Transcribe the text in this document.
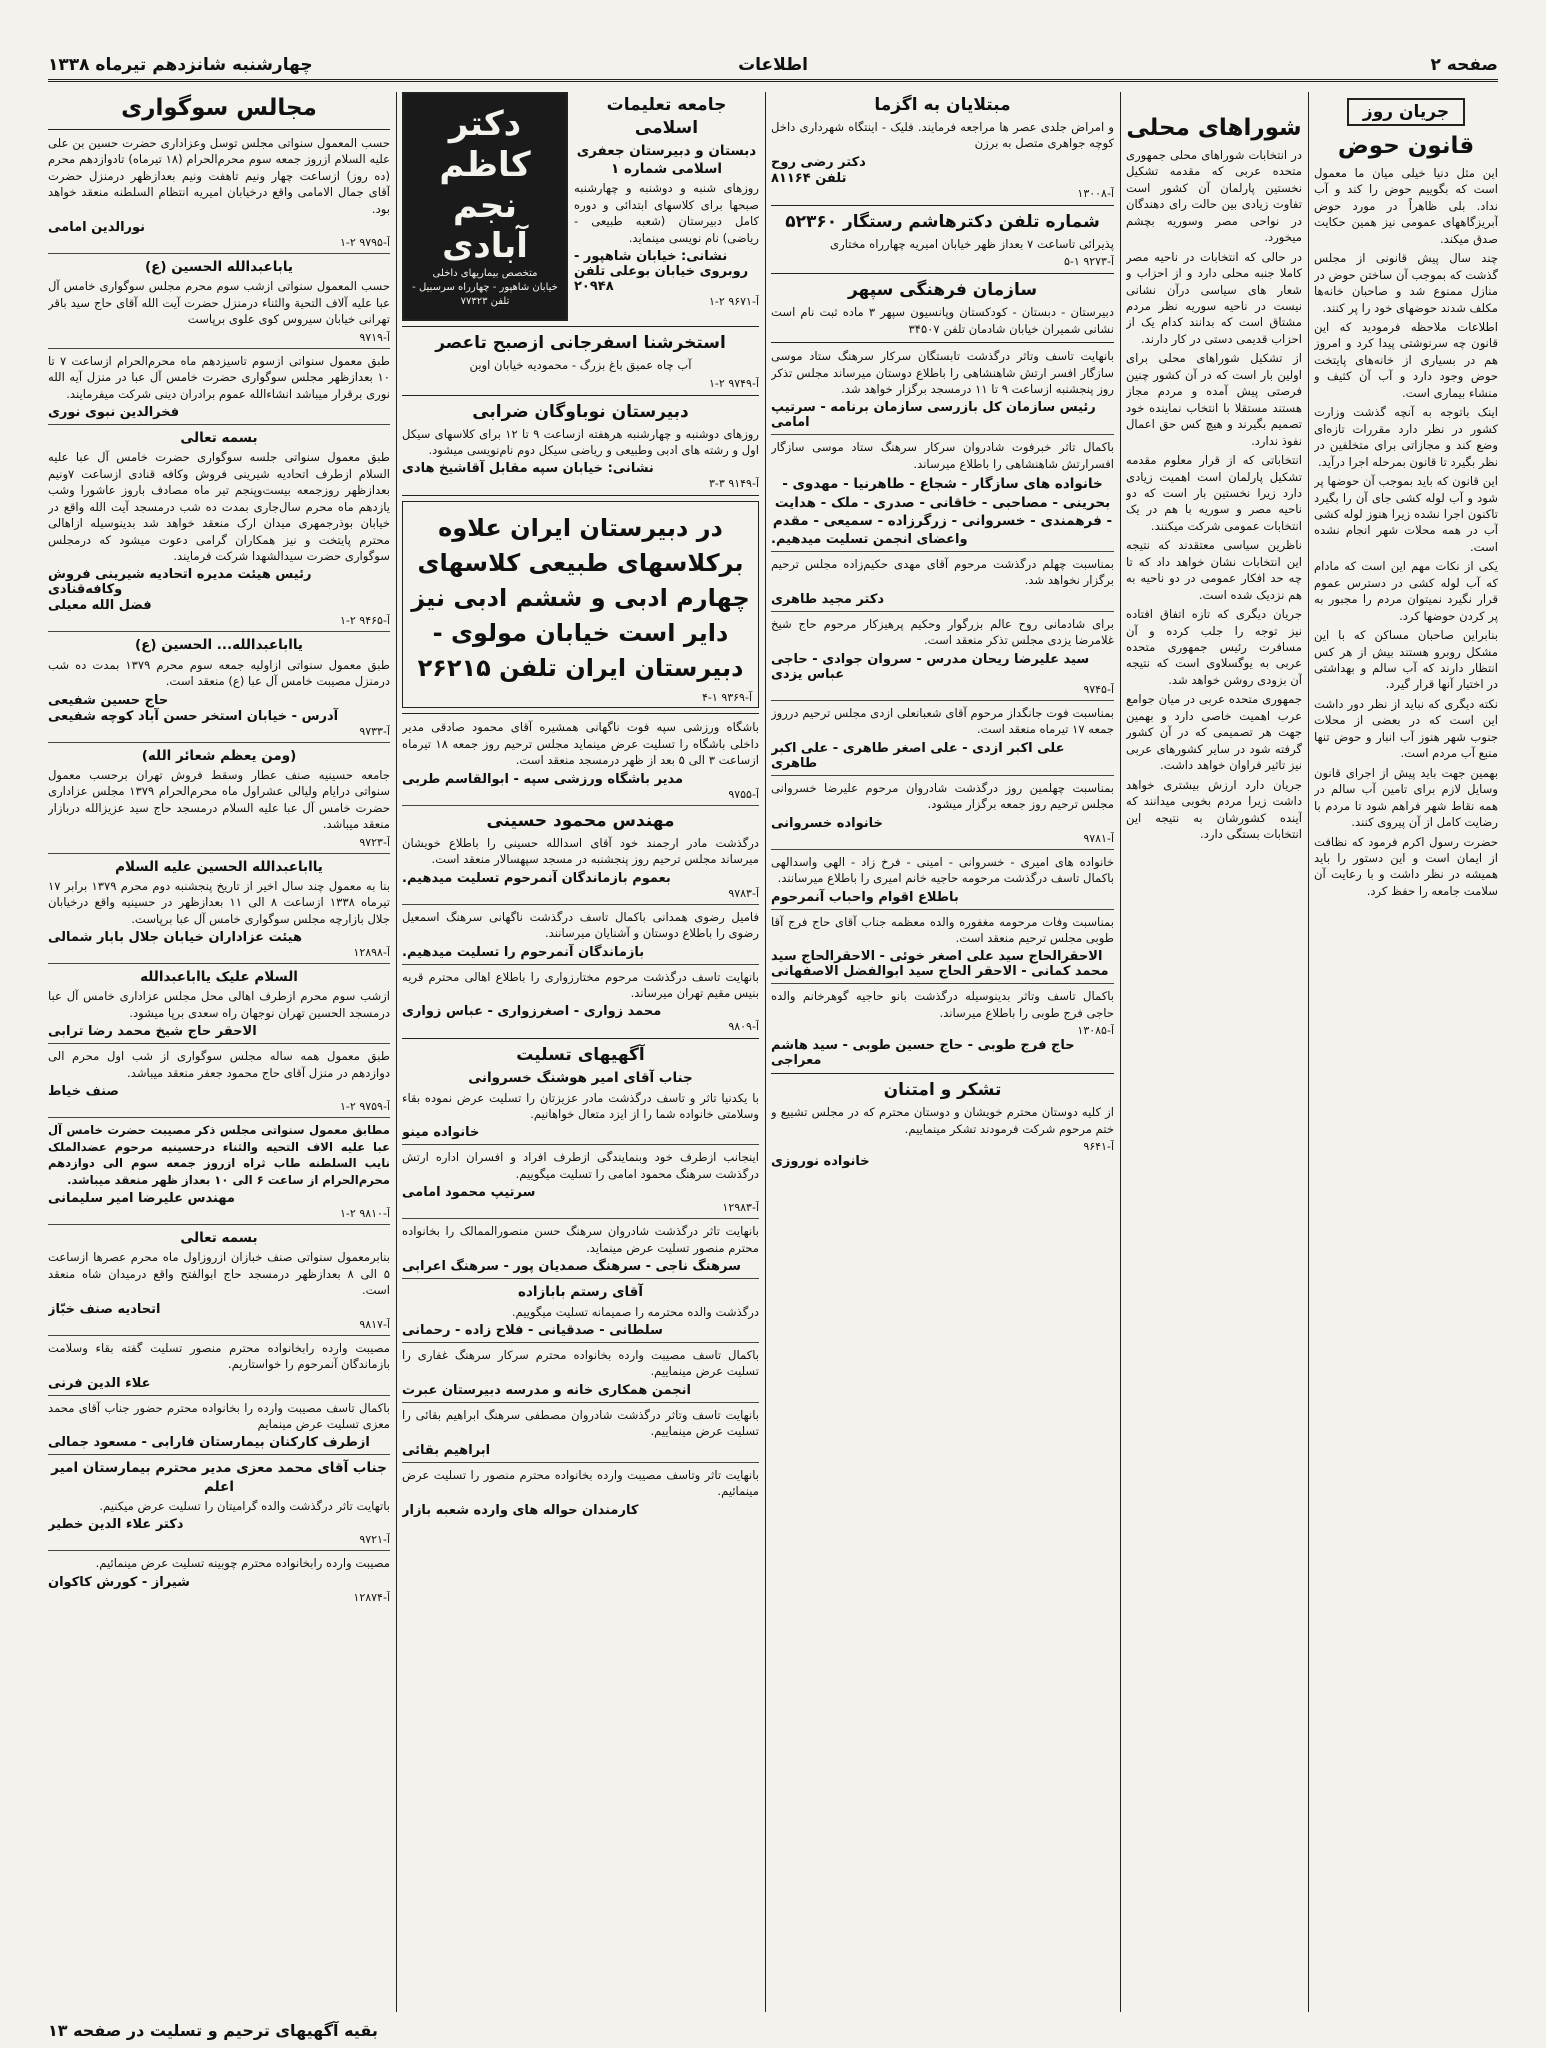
صفحه ۲
اطلاعات
چهارشنبه شانزدهم تیرماه ۱۳۳۸
جریان روز
قانون حوض

این مثل دنیا خیلی میان ما معمول است که بگوییم حوض را کند و آب نداد. بلی ظاهراً در مورد حوض آبریزگاههای عمومی نیز همین حکایت صدق میکند.

چند سال پیش قانونی از مجلس گذشت که بموجب آن ساختن حوض در منازل ممنوع شد و صاحبان خانه‌ها مکلف شدند حوضهای خود را پر کنند.

اطلاعات ملاحظه فرمودید که این قانون چه سرنوشتی پیدا کرد و امروز هم در بسیاری از خانه‌های پایتخت حوض وجود دارد و آب آن کثیف و منشاء بیماری است.

اینک باتوجه به آنچه گذشت وزارت کشور در نظر دارد مقررات تازه‌ای وضع کند و مجازاتی برای متخلفین در نظر بگیرد تا قانون بمرحله اجرا درآید.

این قانون که باید بموجب آن حوضها پر شود و آب لوله کشی جای آن را بگیرد تاکنون اجرا نشده زیرا هنوز لوله کشی آب در همه محلات شهر انجام نشده است.

یکی از نکات مهم این است که مادام که آب لوله کشی در دسترس عموم قرار نگیرد نمیتوان مردم را مجبور به پر کردن حوضها کرد.

بنابراین صاحبان مساکن که با این مشکل روبرو هستند بیش از هر کس انتظار دارند که آب سالم و بهداشتی در اختیار آنها قرار گیرد.

نکته دیگری که نباید از نظر دور داشت این است که در بعضی از محلات جنوب شهر هنوز آب انبار و حوض تنها منبع آب مردم است.

بهمین جهت باید پیش از اجرای قانون وسایل لازم برای تامین آب سالم در همه نقاط شهر فراهم شود تا مردم با رضایت کامل از آن پیروی کنند.

حضرت رسول اکرم فرمود که نظافت از ایمان است و این دستور را باید همیشه در نظر داشت و با رعایت آن سلامت جامعه را حفظ کرد.

شوراهای محلی

در انتخابات شوراهای محلی جمهوری متحده عربی که مقدمه تشکیل نخستین پارلمان آن کشور است تفاوت زیادی بین حالت رای دهندگان در نواحی مصر وسوریه بچشم میخورد.

در حالی که انتخابات در ناحیه مصر کاملا جنبه محلی دارد و از احزاب و شعار های سیاسی درآن نشانی نیست در ناحیه سوریه نظر مردم مشتاق است که بدانند کدام یک از احزاب قدیمی دستی در کار دارند.

از تشکیل شوراهای محلی برای اولین بار است که در آن کشور چنین فرصتی پیش آمده و مردم مجاز هستند مستقلا با انتخاب نماینده خود تصمیم بگیرند و هیچ کس حق اعمال نفوذ ندارد.

انتخاباتی که از قرار معلوم مقدمه تشکیل پارلمان است اهمیت زیادی دارد زیرا نخستین بار است که دو ناحیه مصر و سوریه با هم در یک انتخابات عمومی شرکت میکنند.

ناظرین سیاسی معتقدند که نتیجه این انتخابات نشان خواهد داد که تا چه حد افکار عمومی در دو ناحیه به هم نزدیک شده است.

جریان دیگری که تازه اتفاق افتاده نیز توجه را جلب کرده و آن مسافرت رئیس جمهوری متحده عربی به یوگسلاوی است که نتیجه آن بزودی روشن خواهد شد.

جمهوری متحده عربی در میان جوامع عرب اهمیت خاصی دارد و بهمین جهت هر تصمیمی که در آن کشور گرفته شود در سایر کشورهای عربی نیز تاثیر فراوان خواهد داشت.

جریان دارد ارزش بیشتری خواهد داشت زیرا مردم بخوبی میدانند که آینده کشورشان به نتیجه این انتخابات بستگی دارد.

مبتلایان به اگزما

و امراض جلدی عصر ها مراجعه فرمایند. فلیک - اینتگاه شهرداری داخل کوچه جواهری متصل به برزن

دکتر رضی روح
تلفن ۸۱۱۶۴
آ-۱۳۰۰۸
شماره تلفن دکترهاشم رستگار ۵۲۳۶۰

پذیرائی تاساعت ۷ بعداز ظهر خیابان امیریه چهارراه مختاری

آ-۹۲۷۳ ۱-۵
سازمان فرهنگی سپهر

دبیرستان - دبستان - کودکستان وپانسیون سپهر ۳ ماده ثبت نام است نشانی شمیران خیابان شادمان تلفن ۳۴۵۰۷

بانهایت تاسف وتاثر درگذشت تابستگان سرکار سرهنگ ستاد موسی سازگار افسر ارتش شاهنشاهی را باطلاع دوستان میرساند مجلس تذکر روز پنجشنبه ازساعت ۹ تا ۱۱ درمسجد برگزار خواهد شد.

رئیس سازمان کل بازرسی سازمان برنامه - سرتیپ امامی

باکمال تاثر خبرفوت شادروان سرکار سرهنگ ستاد موسی سازگار افسرارتش شاهنشاهی را باطلاع میرساند.

خانواده های سازگار - شجاع - طاهرنیا - مهدوی - بحرینی - مصاحبی - خاقانی - صدری - ملک - هدایت - فرهمندی - خسروانی - زرگرزاده - سمیعی - مقدم
واعضای انجمن تسلیت میدهیم.

بمناسبت چهلم درگذشت مرحوم آقای مهدی حکیم‌زاده مجلس ترحیم برگزار نخواهد شد.

دکتر مجید طاهری

برای شادمانی روح عالم بزرگوار وحکیم پرهیزکار مرحوم حاج شیخ غلامرضا یزدی مجلس تذکر منعقد است.

سید علیرضا ریحان مدرس - سروان جوادی - حاجی عباس یزدی
آ-۹۷۴۵

بمناسبت فوت جانگداز مرحوم آقای شعبانعلی ازدی مجلس ترحیم درروز جمعه ۱۷ تیرماه منعقد است.

علی اکبر ازدی - علی اصغر طاهری - علی اکبر طاهری

بمناسبت چهلمین روز درگذشت شادروان مرحوم علیرضا خسروانی مجلس ترحیم روز جمعه برگزار میشود.

خانواده خسروانی
آ-۹۷۸۱

خانواده های امیری - خسروانی - امینی - فرخ زاد - الهی واسدالهی باکمال تاسف درگذشت مرحومه حاجیه خانم امیری را باطلاع میرسانند.

باطلاع اقوام واحباب آنمرحوم

بمناسبت وفات مرحومه مغفوره والده معظمه جناب آقای حاج فرج آقا طوبی مجلس ترحیم منعقد است.

الاحقرالحاج سید علی اصغر خوئی - الاحقرالحاج سید محمد کمانی - الاحقر الحاج سید ابوالفضل الاصفهانی

باکمال تاسف وتاثر بدینوسیله درگذشت بانو حاجیه گوهرخانم والده حاجی فرج طوبی را باطلاع میرساند.

آ-۱۳۰۸۵
حاج فرج طوبی - حاج حسین طوبی - سید هاشم معراجی
تشکر و امتنان

از کلیه دوستان محترم خویشان و دوستان محترم که در مجلس تشییع و ختم مرحوم شرکت فرمودند تشکر مینماییم.

آ-۹۶۴۱
خانواده نوروزی
جامعه تعلیمات اسلامی
دبستان و دبیرستان جعفری اسلامی شماره ۱

روزهای شنبه و دوشنبه و چهارشنبه صبحها برای کلاسهای ابتدائی و دوره کامل دبیرستان (شعبه طبیعی - ریاضی) نام نویسی مینماید.

نشانی: خیابان شاهپور - روبروی خیابان بوعلی تلفن ۲۰۹۴۸
آ-۹۶۷۱ ۲-۱
دکتر کاظم نجم آبادی
متخصص بیماریهای داخلی
خیابان شاهپور - چهارراه سرسبیل - تلفن ۷۷۳۲۳
استخرشنا اسفرجانی ازصبح تاعصر

آب چاه عمیق باغ بزرگ - محمودیه خیابان اوین

آ-۹۷۴۹ ۲-۱
دبیرستان نوباوگان ضرابی

روزهای دوشنبه و چهارشنبه هرهفته ازساعت ۹ تا ۱۲ برای کلاسهای سیکل اول و رشته های ادبی وطبیعی و ریاضی سیکل دوم نام‌نویسی میشود.

نشانی: خیابان سپه مقابل آقاشیخ هادی
آ-۹۱۴۹ ۳-۳
در دبیرستان ایران علاوه برکلاسهای طبیعی کلاسهای چهارم ادبی و ششم ادبی نیز دایر است خیابان مولوی - دبیرستان ایران تلفن ۲۶۲۱۵
آ-۹۳۶۹ ۱-۴

باشگاه ورزشی سپه فوت ناگهانی همشیره آقای محمود صادقی مدیر داخلی باشگاه را تسلیت عرض مینماید مجلس ترحیم روز جمعه ۱۸ تیرماه ازساعت ۳ الی ۵ بعد از ظهر درمسجد منعقد است.

مدیر باشگاه ورزشی سپه - ابوالقاسم طربی
آ-۹۷۵۵
مهندس محمود حسینی

درگذشت مادر ارجمند خود آقای اسدالله حسینی را باطلاع خویشان میرساند مجلس ترحیم روز پنجشنبه در مسجد سپهسالار منعقد است.

بعموم بازماندگان آنمرحوم تسلیت میدهیم.
آ-۹۷۸۳

فامیل رضوی همدانی باکمال تاسف درگذشت ناگهانی سرهنگ اسمعیل رضوی را باطلاع دوستان و آشنایان میرسانند.

بازماندگان آنمرحوم را تسلیت میدهیم.

بانهایت تاسف درگذشت مرحوم مختارزواری را باطلاع اهالی محترم قریه بنیس مقیم تهران میرساند.

محمد زواری - اصغرزواری - عباس زواری
آ-۹۸۰۹
آگهیهای تسلیت
جناب آقای امیر هوشنگ خسروانی

با یکدنیا تاثر و تاسف درگذشت مادر عزیزتان را تسلیت عرض نموده بقاء وسلامتی خانواده شما را از ایزد متعال خواهانیم.

خانواده مینو

اینجانب ازطرف خود وبنمایندگی ازطرف افراد و افسران اداره ارتش درگذشت سرهنگ محمود امامی را تسلیت میگوییم.

سرتیپ محمود امامی
آ-۱۲۹۸۳

بانهایت تاثر درگذشت شادروان سرهنگ حسن منصورالممالک را بخانواده محترم منصور تسلیت عرض مینماید.

سرهنگ ناجی - سرهنگ صمدیان پور - سرهنگ اعرابی
آقای رستم بابازاده

درگذشت والده محترمه را صمیمانه تسلیت میگوییم.

سلطانی - صدقیانی - فلاح زاده - رحمانی

باکمال تاسف مصیبت وارده بخانواده محترم سرکار سرهنگ غفاری را تسلیت عرض مینماییم.

انجمن همکاری خانه و مدرسه دبیرستان عبرت

بانهایت تاسف وتاثر درگذشت شادروان مصطفی سرهنگ ابراهیم بقائی را تسلیت عرض مینماییم.

ابراهیم بقائی

بانهایت تاثر وتاسف مصیبت وارده بخانواده محترم منصور را تسلیت عرض مینمائیم.

کارمندان حواله های وارده شعبه بازار
مجالس سوگواری

حسب المعمول سنواتی مجلس توسل وعزاداری حضرت حسین بن علی علیه السلام ازروز جمعه سوم محرم‌الحرام (۱۸ تیرماه) تادوازدهم محرم (ده روز) ازساعت چهار ونیم تاهفت ونیم بعدازظهر درمنزل حضرت آقای جمال الامامی واقع درخیابان امیریه انتظام السلطنه منعقد خواهد بود.

نورالدین امامی
آ-۹۷۹۵ ۲-۱
یاباعبدالله الحسین (ع)

حسب المعمول سنواتی ازشب سوم محرم مجلس سوگواری خامس آل عبا علیه آلاف التحیة والثناء درمنزل حضرت آیت الله آقای حاج سید باقر تهرانی خیابان سیروس کوی علوی برپاست

آ-۹۷۱۹

طبق معمول سنواتی ازسوم تاسیزدهم ماه محرم‌الحرام ازساعت ۷ تا ۱۰ بعدازظهر مجلس سوگواری حضرت خامس آل عبا در منزل آیه الله نوری برقرار میباشد انشاءالله عموم برادران دینی شرکت میفرمایند.

فخرالدین نبوی نوری
بسمه تعالی

طبق معمول سنواتی جلسه سوگواری حضرت خامس آل عبا علیه السلام ازطرف اتحادیه شیرینی فروش وکافه قنادی ازساعت ۷ونیم بعدازظهر روزجمعه بیست‌وپنجم تیر ماه مصادف باروز عاشورا وشب یازدهم ماه محرم سال‌جاری بمدت ده شب درمسجد آیت الله واقع در خیابان بوذرجمهری میدان ارک منعقد خواهد شد بدینوسیله ازاهالی محترم پایتخت و نیز همکاران گرامی دعوت میشود که درمجلس سوگواری حضرت سیدالشهدا شرکت فرمایند.

رئیس هیئت مدیره اتحادیه شیرینی فروش وکافه‌قنادی
فضل الله معیلی
آ-۹۴۶۵ ۲-۱
یاابا‌عبدالله... الحسین (ع)

طبق معمول سنواتی ازاولیه جمعه سوم محرم ۱۳۷۹ بمدت ده شب درمنزل مصیبت خامس آل عبا (ع) منعقد است.

حاج حسین شفیعی
آدرس - خیابان استخر حسن آباد کوچه شفیعی
آ-۹۷۳۳
(ومن یعظم شعائر الله)

جامعه حسینیه صنف عطار وسقط فروش تهران برحسب معمول سنواتی درایام ولیالی عشراول ماه محرم‌الحرام ۱۳۷۹ مجلس عزاداری حضرت خامس آل عبا علیه السلام درمسجد حاج سید عزیزالله دربازار منعقد میباشد.

آ-۹۷۲۳
یاابا‌عبدالله الحسین علیه السلام

بنا به معمول چند سال اخیر از تاریخ پنجشنبه دوم محرم ۱۳۷۹ برابر ۱۷ تیرماه ۱۳۳۸ ازساعت ۸ الی ۱۱ بعدازظهر در حسینیه واقع درخیابان جلال بازارچه مجلس سوگواری خامس آل عبا برپاست.

هیئت عزاداران خیابان جلال بابار شمالی
آ-۱۲۸۹۸
السلام علیک یااباعبدالله

ازشب سوم محرم ازطرف اهالی محل مجلس عزاداری خامس آل عبا درمسجد الحسین تهران نوجهان راه سعدی برپا میشود.

الاحقر حاج شیخ محمد رضا ترابی

طبق معمول همه ساله مجلس سوگواری از شب اول محرم الی دوازدهم در منزل آقای حاج محمود جعفر منعقد میباشد.

صنف خیاط
آ-۹۷۵۹ ۲-۱

مطابق معمول سنواتی مجلس ذکر مصیبت حضرت خامس آل عبا علیه الاف التحیه والثناء درحسینیه مرحوم عضدالملک نایب السلطنه طاب ثراه ازروز جمعه سوم الی دوازدهم محرم‌الحرام از ساعت ۶ الی ۱۰ بعداز ظهر منعقد میباشد.

مهندس علیرضا امیر سلیمانی
آ-۹۸۱۰ ۲-۱
بسمه تعالی

بنابرمعمول سنواتی صنف خبازان ازروزاول ماه محرم عصرها ازساعت ۵ الی ۸ بعدازظهر درمسجد حاج ابوالفتح واقع درمیدان شاه منعقد است.

اتحادیه صنف خبّاز
آ-۹۸۱۷

مصیبت وارده رابخانواده محترم منصور تسلیت گفته بقاء وسلامت بازماندگان آنمرحوم را خواستاریم.

علاء الدین فرنی

باکمال تاسف مصیبت وارده را بخانواده محترم حضور جناب آقای محمد معزی تسلیت عرض مینمایم

ازطرف کارکنان بیمارستان فارابی - مسعود جمالی
جناب آقای محمد معزی مدیر محترم بیمارستان امیر اعلم

باتهایت تاثر درگذشت والده گرامیتان را تسلیت عرض میکنیم.

دکتر علاء الدین خطیر
آ-۹۷۲۱

مصیبت وارده رابخانواده محترم چوبینه تسلیت عرض مینمائیم.

شیراز - کورش کاکوان
آ-۱۲۸۷۴
بقیه آگهیهای ترحیم و تسلیت در صفحه ۱۳
